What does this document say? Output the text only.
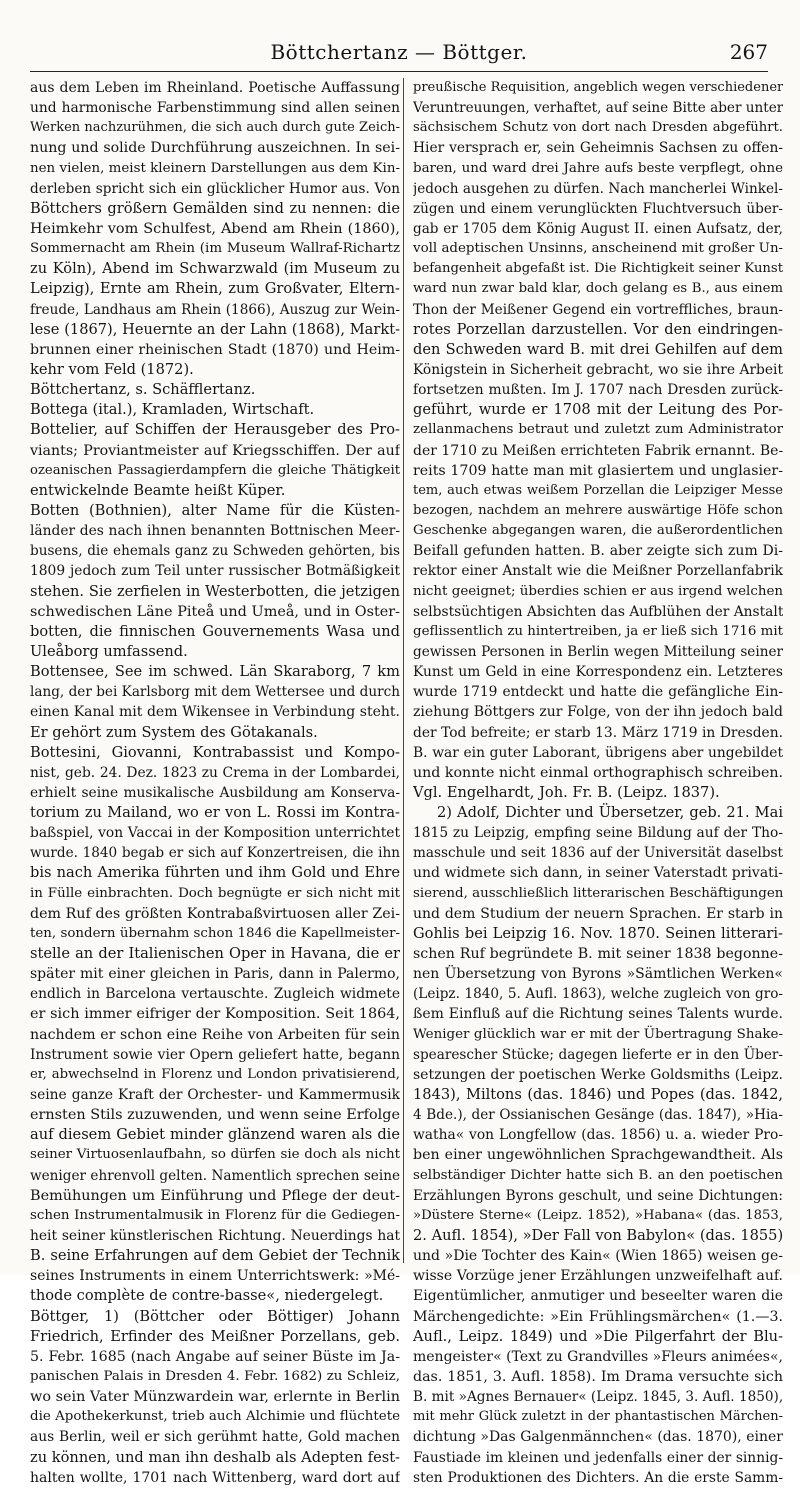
Böttchertanz — Böttger.	267
aus dem Leben im Rheinland. Poetische Auffassung
und harmonische Farbenstimmung sind allen seinen
Werken nachzurühmen, die sich auch durch gute Zeich-
nung und solide Durchführung auszeichnen. In sei-
nen vielen, meist kleinern Darstellungen aus dem Kin-
derleben spricht sich ein glücklicher Humor aus. Von
Böttchers größern Gemälden sind zu nennen: die
Heimkehr vom Schulfest, Abend am Rhein (1860),
Sommernacht am Rhein (im Museum Wallraf-Richartz
zu Köln), Abend im Schwarzwald (im Museum zu
Leipzig), Ernte am Rhein, zum Großvater, Eltern-
freude, Landhaus am Rhein (1866), Auszug zur Wein-
lese (1867), Heuernte an der Lahn (1868), Markt-
brunnen einer rheinischen Stadt (1870) und Heim-
kehr vom Feld (1872).
Böttchertanz, s. Schäfflertanz.
Bottega (ital.), Kramladen, Wirtschaft.
Bottelier, auf Schiffen der Herausgeber des Pro-
viants; Proviantmeister auf Kriegsschiffen. Der auf
ozeanischen Passagierdampfern die gleiche Thätigkeit
entwickelnde Beamte heißt Küper.
Botten (Bothnien), alter Name für die Küsten-
länder des nach ihnen benannten Bottnischen Meer-
busens, die ehemals ganz zu Schweden gehörten, bis
1809 jedoch zum Teil unter russischer Botmäßigkeit
stehen. Sie zerfielen in Westerbotten, die jetzigen
schwedischen Läne Piteå und Umeå, und in Oster-
botten, die finnischen Gouvernements Wasa und
Uleåborg umfassend.
Bottensee, See im schwed. Län Skaraborg, 7 km
lang, der bei Karlsborg mit dem Wettersee und durch
einen Kanal mit dem Wikensee in Verbindung steht.
Er gehört zum System des Götakanals.
Bottesini, Giovanni, Kontrabassist und Kompo-
nist, geb. 24. Dez. 1823 zu Crema in der Lombardei,
erhielt seine musikalische Ausbildung am Konserva-
torium zu Mailand, wo er von L. Rossi im Kontra-
baßspiel, von Vaccai in der Komposition unterrichtet
wurde. 1840 begab er sich auf Konzertreisen, die ihn
bis nach Amerika führten und ihm Gold und Ehre
in Fülle einbrachten. Doch begnügte er sich nicht mit
dem Ruf des größten Kontrabaßvirtuosen aller Zei-
ten, sondern übernahm schon 1846 die Kapellmeister-
stelle an der Italienischen Oper in Havana, die er
später mit einer gleichen in Paris, dann in Palermo,
endlich in Barcelona vertauschte. Zugleich widmete
er sich immer eifriger der Komposition. Seit 1864,
nachdem er schon eine Reihe von Arbeiten für sein
Instrument sowie vier Opern geliefert hatte, begann
er, abwechselnd in Florenz und London privatisierend,
seine ganze Kraft der Orchester- und Kammermusik
ernsten Stils zuzuwenden, und wenn seine Erfolge
auf diesem Gebiet minder glänzend waren als die
seiner Virtuosenlaufbahn, so dürfen sie doch als nicht
weniger ehrenvoll gelten. Namentlich sprechen seine
Bemühungen um Einführung und Pflege der deut-
schen Instrumentalmusik in Florenz für die Gediegen-
heit seiner künstlerischen Richtung. Neuerdings hat
B. seine Erfahrungen auf dem Gebiet der Technik
seines Instruments in einem Unterrichtswerk: »Mé-
thode complète de contre-basse«, niedergelegt.
Böttger, 1) (Böttcher oder Böttiger) Johann
Friedrich, Erfinder des Meißner Porzellans, geb.
5. Febr. 1685 (nach Angabe auf seiner Büste im Ja-
panischen Palais in Dresden 4. Febr. 1682) zu Schleiz,
wo sein Vater Münzwardein war, erlernte in Berlin
die Apothekerkunst, trieb auch Alchimie und flüchtete
aus Berlin, weil er sich gerühmt hatte, Gold machen
zu können, und man ihn deshalb als Adepten fest-
halten wollte, 1701 nach Wittenberg, ward dort auf
preußische Requisition, angeblich wegen verschiedener
Veruntreuungen, verhaftet, auf seine Bitte aber unter
sächsischem Schutz von dort nach Dresden abgeführt.
Hier versprach er, sein Geheimnis Sachsen zu offen-
baren, und ward drei Jahre aufs beste verpflegt, ohne
jedoch ausgehen zu dürfen. Nach mancherlei Winkel-
zügen und einem verunglückten Fluchtversuch über-
gab er 1705 dem König August II. einen Aufsatz, der,
voll adeptischen Unsinns, anscheinend mit großer Un-
befangenheit abgefaßt ist. Die Richtigkeit seiner Kunst
ward nun zwar bald klar, doch gelang es B., aus einem
Thon der Meißener Gegend ein vortreffliches, braun-
rotes Porzellan darzustellen. Vor den eindringen-
den Schweden ward B. mit drei Gehilfen auf dem
Königstein in Sicherheit gebracht, wo sie ihre Arbeit
fortsetzen mußten. Im J. 1707 nach Dresden zurück-
geführt, wurde er 1708 mit der Leitung des Por-
zellanmachens betraut und zuletzt zum Administrator
der 1710 zu Meißen errichteten Fabrik ernannt. Be-
reits 1709 hatte man mit glasiertem und unglasier-
tem, auch etwas weißem Porzellan die Leipziger Messe
bezogen, nachdem an mehrere auswärtige Höfe schon
Geschenke abgegangen waren, die außerordentlichen
Beifall gefunden hatten. B. aber zeigte sich zum Di-
rektor einer Anstalt wie die Meißner Porzellanfabrik
nicht geeignet; überdies schien er aus irgend welchen
selbstsüchtigen Absichten das Aufblühen der Anstalt
geflissentlich zu hintertreiben, ja er ließ sich 1716 mit
gewissen Personen in Berlin wegen Mitteilung seiner
Kunst um Geld in eine Korrespondenz ein. Letzteres
wurde 1719 entdeckt und hatte die gefängliche Ein-
ziehung Böttgers zur Folge, von der ihn jedoch bald
der Tod befreite; er starb 13. März 1719 in Dresden.
B. war ein guter Laborant, übrigens aber ungebildet
und konnte nicht einmal orthographisch schreiben.
Vgl. Engelhardt, Joh. Fr. B. (Leipz. 1837).
2) Adolf, Dichter und Übersetzer, geb. 21. Mai
1815 zu Leipzig, empfing seine Bildung auf der Tho-
masschule und seit 1836 auf der Universität daselbst
und widmete sich dann, in seiner Vaterstadt privati-
sierend, ausschließlich litterarischen Beschäftigungen
und dem Studium der neuern Sprachen. Er starb in
Gohlis bei Leipzig 16. Nov. 1870. Seinen litterari-
schen Ruf begründete B. mit seiner 1838 begonne-
nen Übersetzung von Byrons »Sämtlichen Werken«
(Leipz. 1840, 5. Aufl. 1863), welche zugleich von gro-
ßem Einfluß auf die Richtung seines Talents wurde.
Weniger glücklich war er mit der Übertragung Shake-
spearescher Stücke; dagegen lieferte er in den Über-
setzungen der poetischen Werke Goldsmiths (Leipz.
1843), Miltons (das. 1846) und Popes (das. 1842,
4 Bde.), der Ossianischen Gesänge (das. 1847), »Hia-
watha« von Longfellow (das. 1856) u. a. wieder Pro-
ben einer ungewöhnlichen Sprachgewandtheit. Als
selbständiger Dichter hatte sich B. an den poetischen
Erzählungen Byrons geschult, und seine Dichtungen:
»Düstere Sterne« (Leipz. 1852), »Habana« (das. 1853,
2. Aufl. 1854), »Der Fall von Babylon« (das. 1855)
und »Die Tochter des Kain« (Wien 1865) weisen ge-
wisse Vorzüge jener Erzählungen unzweifelhaft auf.
Eigentümlicher, anmutiger und beseelter waren die
Märchengedichte: »Ein Frühlingsmärchen« (1.—3.
Aufl., Leipz. 1849) und »Die Pilgerfahrt der Blu-
mengeister« (Text zu Grandvilles »Fleurs animées«,
das. 1851, 3. Aufl. 1858). Im Drama versuchte sich
B. mit »Agnes Bernauer« (Leipz. 1845, 3. Aufl. 1850),
mit mehr Glück zuletzt in der phantastischen Märchen-
dichtung »Das Galgenmännchen« (das. 1870), einer
Faustiade im kleinen und jedenfalls einer der sinnig-
sten Produktionen des Dichters. An die erste Samm-
